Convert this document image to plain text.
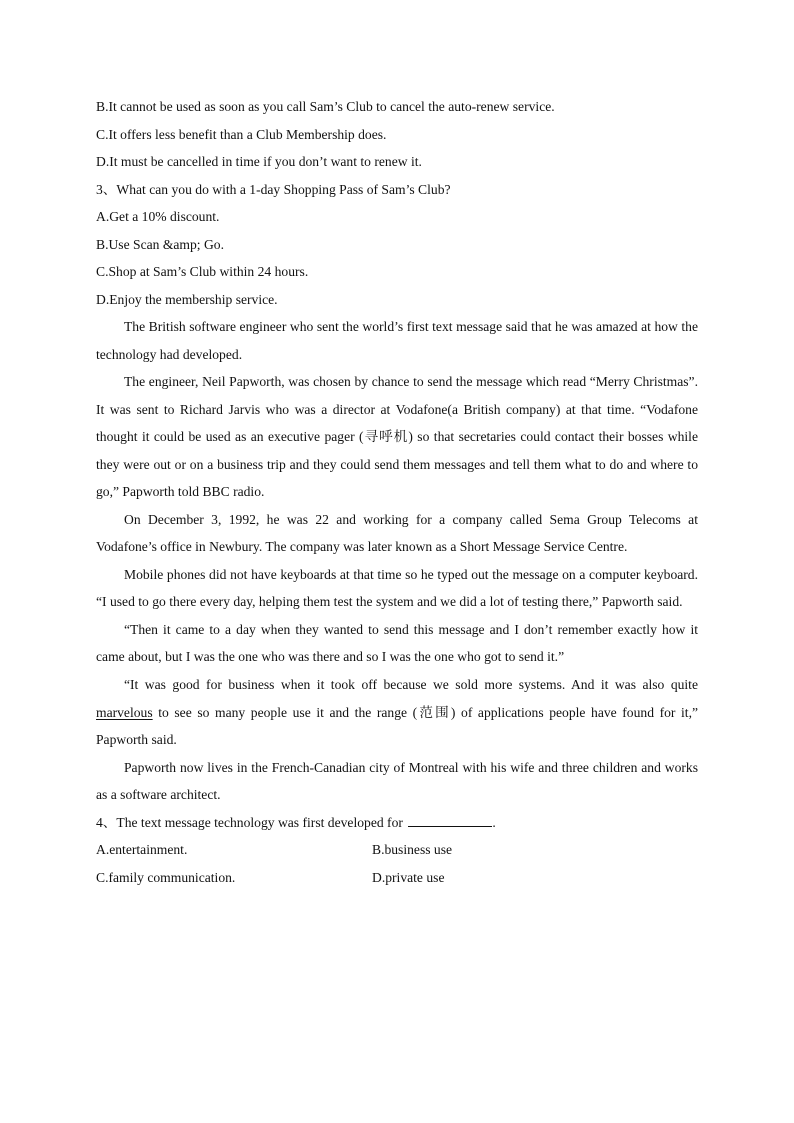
B.It cannot be used as soon as you call Sam’s Club to cancel the auto-renew service.

C.It offers less benefit than a Club Membership does.

D.It must be cancelled in time if you don’t want to renew it.

3、What can you do with a 1-day Shopping Pass of Sam’s Club?

A.Get a 10% discount.

B.Use Scan &amp; Go.

C.Shop at Sam’s Club within 24 hours.

D.Enjoy the membership service.

The British software engineer who sent the world’s first text message said that he was amazed at how the technology had developed.

The engineer, Neil Papworth, was chosen by chance to send the message which read “Merry Christmas”. It was sent to Richard Jarvis who was a director at Vodafone(a British company) at that time. “Vodafone thought it could be used as an executive pager (寻呼机) so that secretaries could contact their bosses while they were out or on a business trip and they could send them messages and tell them what to do and where to go,” Papworth told BBC radio.

On December 3, 1992, he was 22 and working for a company called Sema Group Telecoms at Vodafone’s office in Newbury. The company was later known as a Short Message Service Centre.

Mobile phones did not have keyboards at that time so he typed out the message on a computer keyboard. “I used to go there every day, helping them test the system and we did a lot of testing there,” Papworth said.

“Then it came to a day when they wanted to send this message and I don’t remember exactly how it came about, but I was the one who was there and so I was the one who got to send it.”

“It was good for business when it took off because we sold more systems. And it was also quite marvelous to see so many people use it and the range (范围) of applications people have found for it,” Papworth said.

Papworth now lives in the French-Canadian city of Montreal with his wife and three children and works as a software architect.

4、The text message technology was first developed for	.

A.entertainment.	B.business use
C.family communication.	D.private use
